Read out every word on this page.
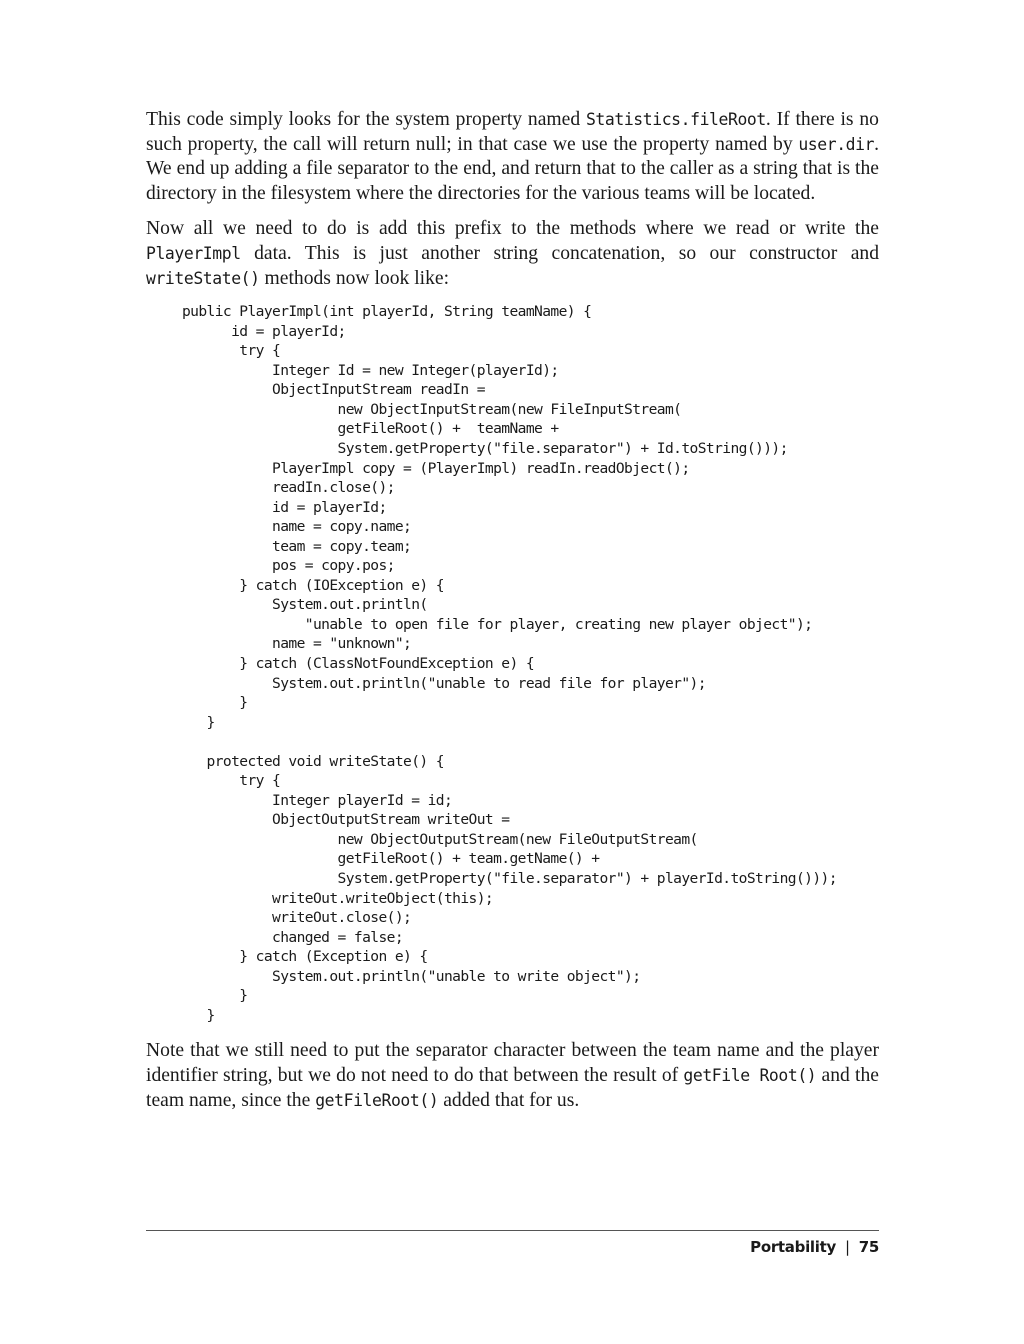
This code simply looks for the system property named Statistics.fileRoot. If there is no such property, the call will return null; in that case we use the property named by user.dir. We end up adding a file separator to the end, and return that to the caller as a string that is the directory in the filesystem where the directories for the various teams will be located.

Now all we need to do is add this prefix to the methods where we read or write the PlayerImpl data. This is just another string concatenation, so our constructor and writeState() methods now look like:

public PlayerImpl(int playerId, String teamName) {
id = playerId;
try {
Integer Id = new Integer(playerId);
ObjectInputStream readIn =
new ObjectInputStream(new FileInputStream(
getFileRoot() +  teamName +
System.getProperty("file.separator") + Id.toString()));
PlayerImpl copy = (PlayerImpl) readIn.readObject();
readIn.close();
id = playerId;
name = copy.name;
team = copy.team;
pos = copy.pos;
} catch (IOException e) {
System.out.println(
"unable to open file for player, creating new player object");
name = "unknown";
} catch (ClassNotFoundException e) {
System.out.println("unable to read file for player");
}
}

protected void writeState() {
try {
Integer playerId = id;
ObjectOutputStream writeOut =
new ObjectOutputStream(new FileOutputStream(
getFileRoot() + team.getName() +
System.getProperty("file.separator") + playerId.toString()));
writeOut.writeObject(this);
writeOut.close();
changed = false;
} catch (Exception e) {
System.out.println("unable to write object");
}
}

Note that we still need to put the separator character between the team name and the player identifier string, but we do not need to do that between the result of getFile Root() and the team name, since the getFileRoot() added that for us.

Portability | 75
